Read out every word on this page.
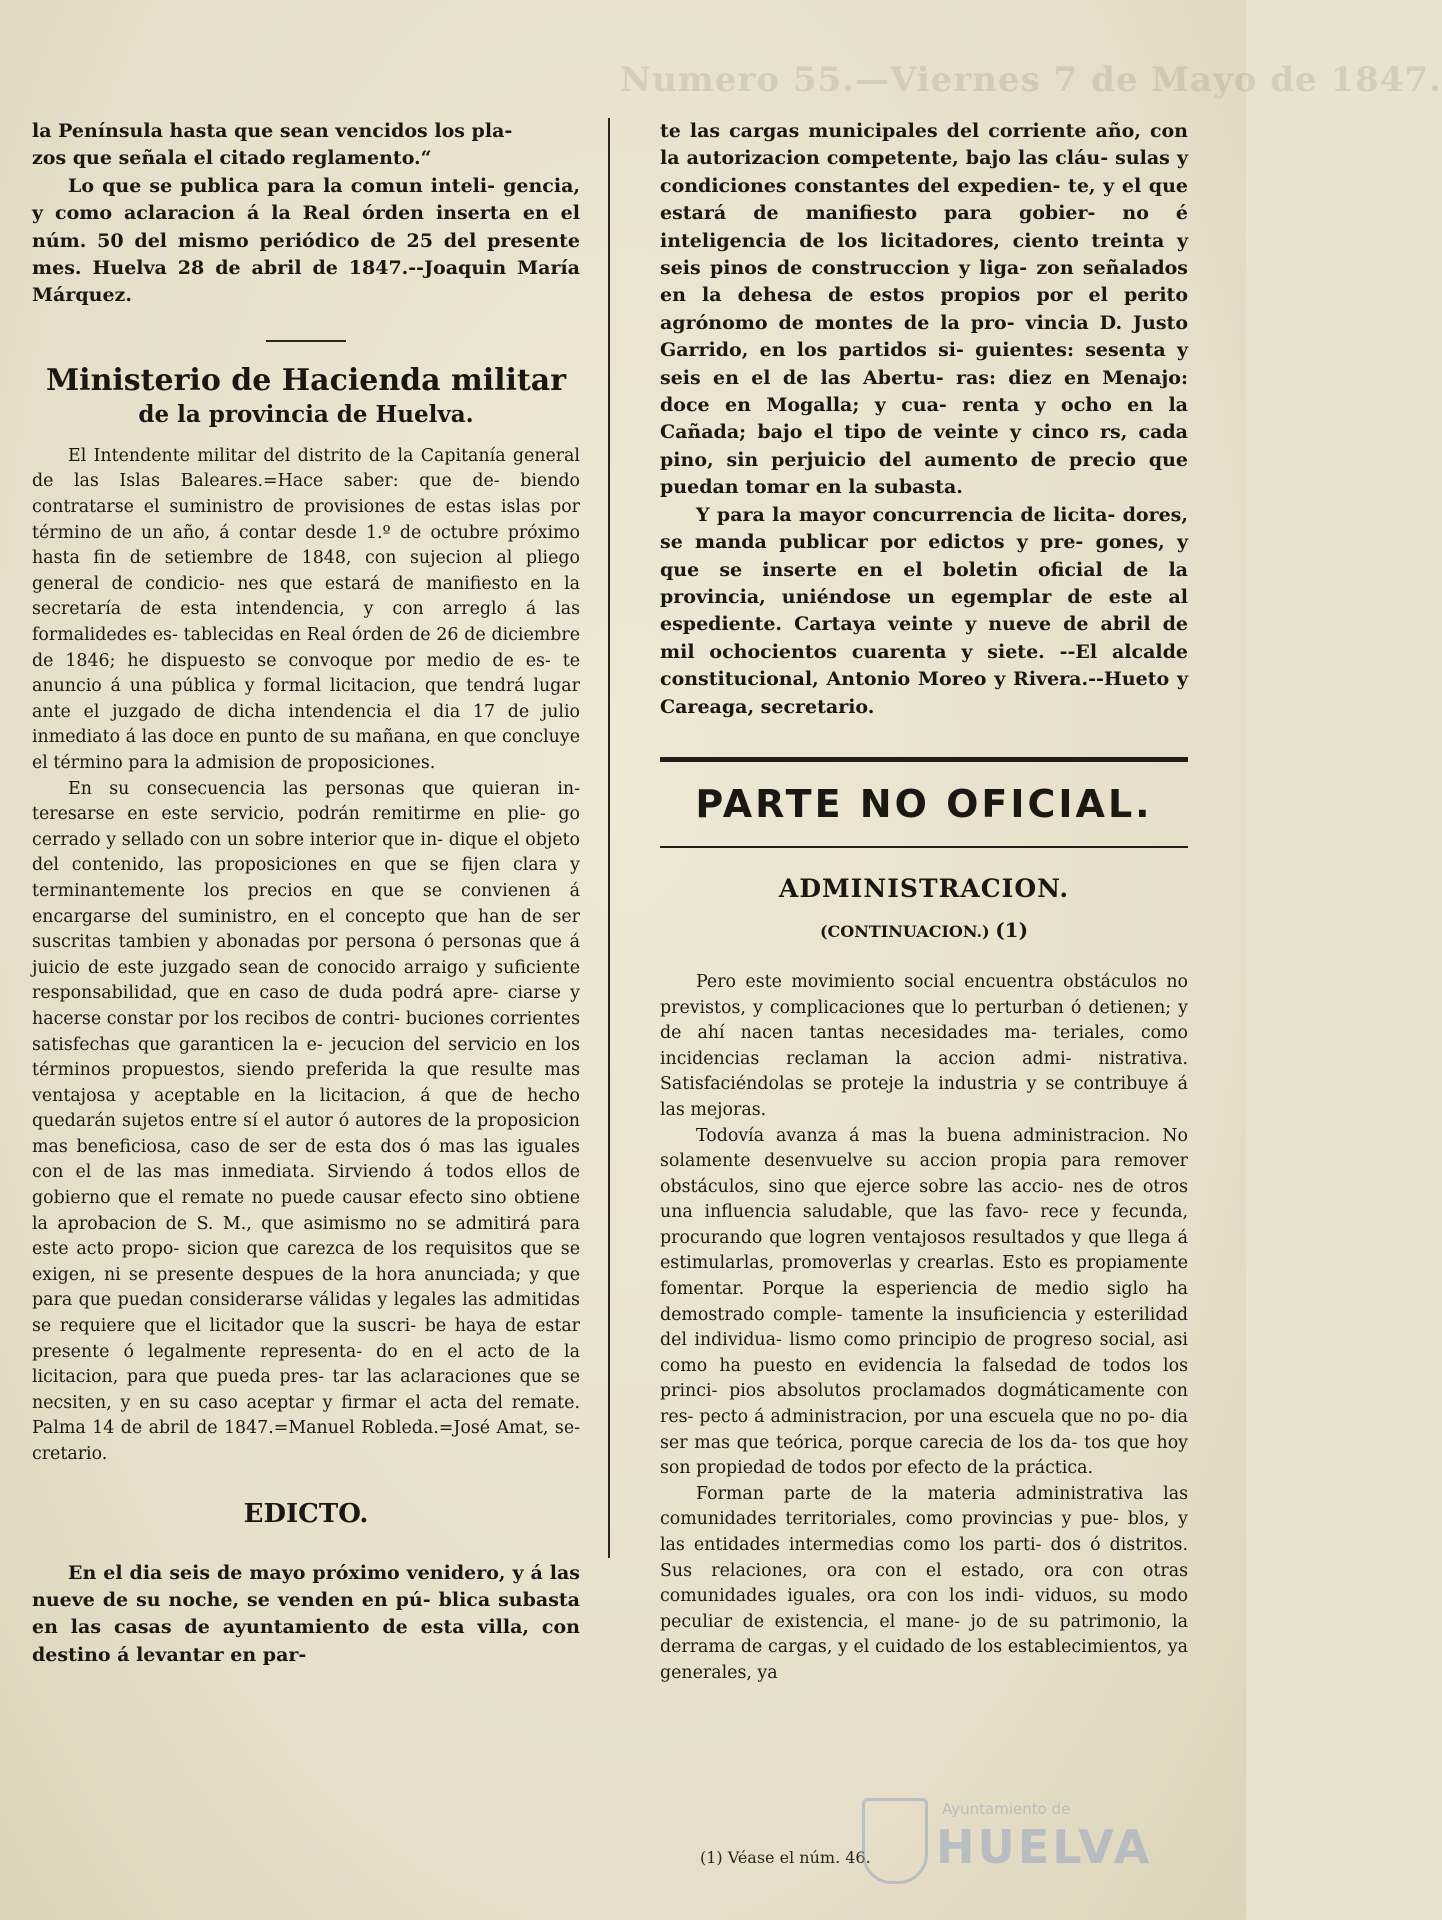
Numero 55.—Viernes 7 de Mayo de 1847.

la Península hasta que sean vencidos los pla-

zos que señala el citado reglamento.“

Lo que se publica para la comun inteli- gencia, y como aclaracion á la Real órden inserta en el núm. 50 del mismo periódico de 25 del presente mes. Huelva 28 de abril de 1847.--Joaquin María Márquez.

Ministerio de Hacienda militar
de la provincia de Huelva.

El Intendente militar del distrito de la Capitanía general de las Islas Baleares.=Hace saber: que de- biendo contratarse el suministro de provisiones de estas islas por término de un año, á contar desde 1.º de octubre próximo hasta fin de setiembre de 1848, con sujecion al pliego general de condicio- nes que estará de manifiesto en la secretaría de esta intendencia, y con arreglo á las formalidedes es- tablecidas en Real órden de 26 de diciembre de 1846; he dispuesto se convoque por medio de es- te anuncio á una pública y formal licitacion, que tendrá lugar ante el juzgado de dicha intendencia el dia 17 de julio inmediato á las doce en punto de su mañana, en que concluye el término para la admision de proposiciones.

En su consecuencia las personas que quieran in- teresarse en este servicio, podrán remitirme en plie- go cerrado y sellado con un sobre interior que in- dique el objeto del contenido, las proposiciones en que se fijen clara y terminantemente los precios en que se convienen á encargarse del suministro, en el concepto que han de ser suscritas tambien y abonadas por persona ó personas que á juicio de este juzgado sean de conocido arraigo y suficiente responsabilidad, que en caso de duda podrá apre- ciarse y hacerse constar por los recibos de contri- buciones corrientes satisfechas que garanticen la e- jecucion del servicio en los términos propuestos, siendo preferida la que resulte mas ventajosa y aceptable en la licitacion, á que de hecho quedarán sujetos entre sí el autor ó autores de la proposicion mas beneficiosa, caso de ser de esta dos ó mas las iguales con el de las mas inmediata. Sirviendo á todos ellos de gobierno que el remate no puede causar efecto sino obtiene la aprobacion de S. M., que asimismo no se admitirá para este acto propo- sicion que carezca de los requisitos que se exigen, ni se presente despues de la hora anunciada; y que para que puedan considerarse válidas y legales las admitidas se requiere que el licitador que la suscri- be haya de estar presente ó legalmente representa- do en el acto de la licitacion, para que pueda pres- tar las aclaraciones que se necsiten, y en su caso aceptar y firmar el acta del remate. Palma 14 de abril de 1847.=Manuel Robleda.=José Amat, se- cretario.

EDICTO.

En el dia seis de mayo próximo venidero, y á las nueve de su noche, se venden en pú- blica subasta en las casas de ayuntamiento de esta villa, con destino á levantar en par-

te las cargas municipales del corriente año, con la autorizacion competente, bajo las cláu- sulas y condiciones constantes del expedien- te, y el que estará de manifiesto para gobier- no é inteligencia de los licitadores, ciento treinta y seis pinos de construccion y liga- zon señalados en la dehesa de estos propios por el perito agrónomo de montes de la pro- vincia D. Justo Garrido, en los partidos si- guientes: sesenta y seis en el de las Abertu- ras: diez en Menajo: doce en Mogalla; y cua- renta y ocho en la Cañada; bajo el tipo de veinte y cinco rs, cada pino, sin perjuicio del aumento de precio que puedan tomar en la subasta.

Y para la mayor concurrencia de licita- dores, se manda publicar por edictos y pre- gones, y que se inserte en el boletin oficial de la provincia, uniéndose un egemplar de este al espediente. Cartaya veinte y nueve de abril de mil ochocientos cuarenta y siete. --El alcalde constitucional, Antonio Moreo y Rivera.--Hueto y Careaga, secretario.

PARTE NO OFICIAL.
ADMINISTRACION.
(CONTINUACION.) (1)

Pero este movimiento social encuentra obstáculos no previstos, y complicaciones que lo perturban ó detienen; y de ahí nacen tantas necesidades ma- teriales, como incidencias reclaman la accion admi- nistrativa. Satisfaciéndolas se proteje la industria y se contribuye á las mejoras.

Todovía avanza á mas la buena administracion. No solamente desenvuelve su accion propia para remover obstáculos, sino que ejerce sobre las accio- nes de otros una influencia saludable, que las favo- rece y fecunda, procurando que logren ventajosos resultados y que llega á estimularlas, promoverlas y crearlas. Esto es propiamente fomentar. Porque la esperiencia de medio siglo ha demostrado comple- tamente la insuficiencia y esterilidad del individua- lismo como principio de progreso social, asi como ha puesto en evidencia la falsedad de todos los princi- pios absolutos proclamados dogmáticamente con res- pecto á administracion, por una escuela que no po- dia ser mas que teórica, porque carecia de los da- tos que hoy son propiedad de todos por efecto de la práctica.

Forman parte de la materia administrativa las comunidades territoriales, como provincias y pue- blos, y las entidades intermedias como los parti- dos ó distritos. Sus relaciones, ora con el estado, ora con otras comunidades iguales, ora con los indi- viduos, su modo peculiar de existencia, el mane- jo de su patrimonio, la derrama de cargas, y el cuidado de los establecimientos, ya generales, ya

(1) Véase el núm. 46.
Ayuntamiento de
HUELVA
